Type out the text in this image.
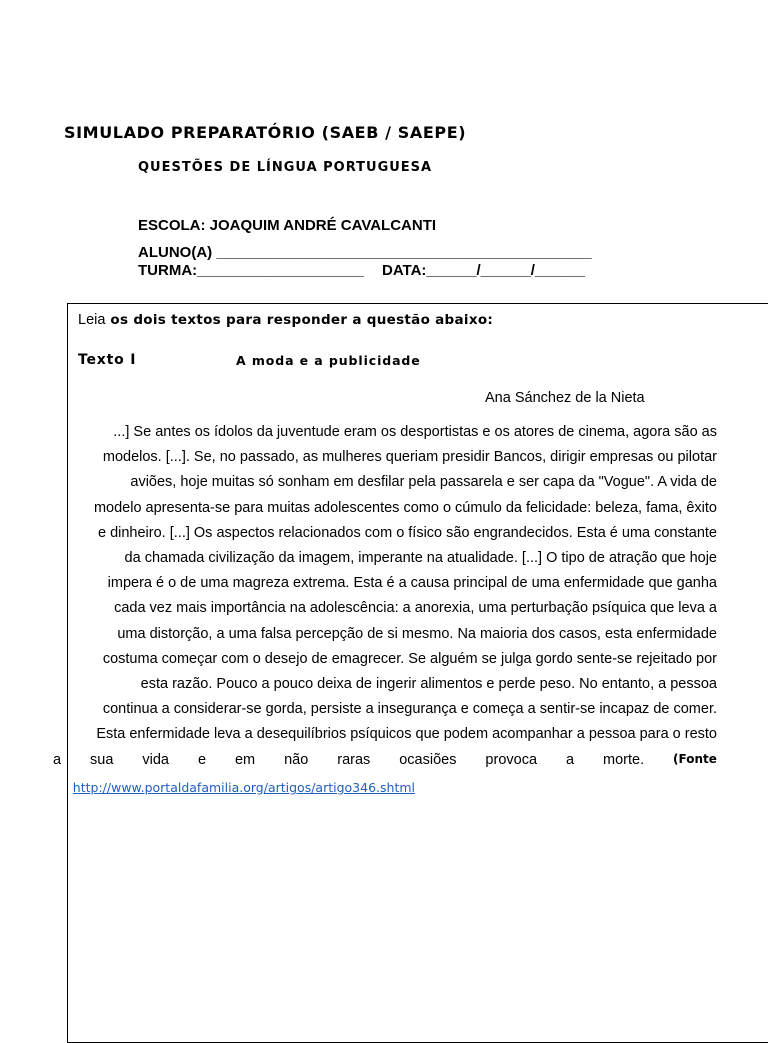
SIMULADO PREPARATÓRIO (SAEB / SAEPE)
QUESTÕES DE LÍNGUA PORTUGUESA
ESCOLA: JOAQUIM ANDRÉ CAVALCANTI
ALUNO(A) _____________________________________________
TURMA:____________________ DATA:______/______/______
Leia os dois textos para responder a questão abaixo:
Texto I	A moda e a publicidade
Ana Sánchez de la Nieta
...] Se antes os ídolos da juventude eram os desportistas e os atores de cinema, agora são as
modelos. [...]. Se, no passado, as mulheres queriam presidir Bancos, dirigir empresas ou pilotar
aviões, hoje muitas só sonham em desfilar pela passarela e ser capa da "Vogue". A vida de
modelo apresenta-se para muitas adolescentes como o cúmulo da felicidade: beleza, fama, êxito
e dinheiro. [...] Os aspectos relacionados com o físico são engrandecidos. Esta é uma constante
da chamada civilização da imagem, imperante na atualidade. [...] O tipo de atração que hoje
impera é o de uma magreza extrema. Esta é a causa principal de uma enfermidade que ganha
cada vez mais importância na adolescência: a anorexia, uma perturbação psíquica que leva a
uma distorção, a uma falsa percepção de si mesmo. Na maioria dos casos, esta enfermidade
costuma começar com o desejo de emagrecer. Se alguém se julga gordo sente-se rejeitado por
esta razão. Pouco a pouco deixa de ingerir alimentos e perde peso. No entanto, a pessoa
continua a considerar-se gorda, persiste a insegurança e começa a sentir-se incapaz de comer.
Esta enfermidade leva a desequilíbrios psíquicos que podem acompanhar a pessoa para o resto
a sua vida e em não raras ocasiões provoca a morte. (Fonte
http://www.portaldafamilia.org/artigos/artigo346.shtml
